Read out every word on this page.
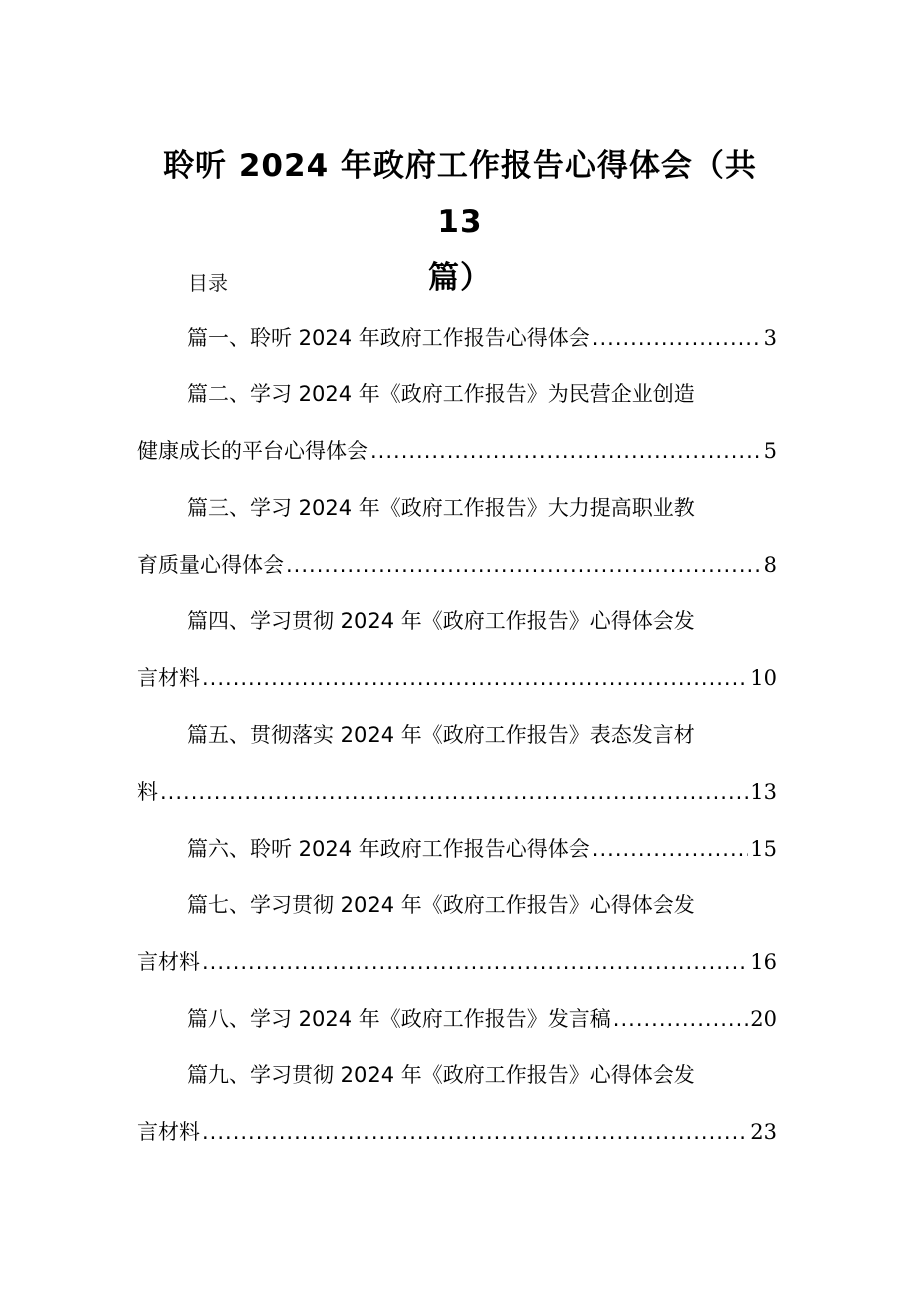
聆听 2024 年政府工作报告心得体会（共 13
篇）
目录
篇一、聆听 2024 年政府工作报告心得体会 .....	3
篇二、学习 2024 年《政府工作报告》为民营企业创造
健康成长的平台心得体会 .....	5
篇三、学习 2024 年《政府工作报告》大力提高职业教
育质量心得体会 .....	8
篇四、学习贯彻 2024 年《政府工作报告》心得体会发
言材料 .....	10
篇五、贯彻落实 2024 年《政府工作报告》表态发言材
料 .....	13
篇六、聆听 2024 年政府工作报告心得体会 .....	15
篇七、学习贯彻 2024 年《政府工作报告》心得体会发
言材料 .....	16
篇八、学习 2024 年《政府工作报告》发言稿 .....	20
篇九、学习贯彻 2024 年《政府工作报告》心得体会发
言材料 .....	23
